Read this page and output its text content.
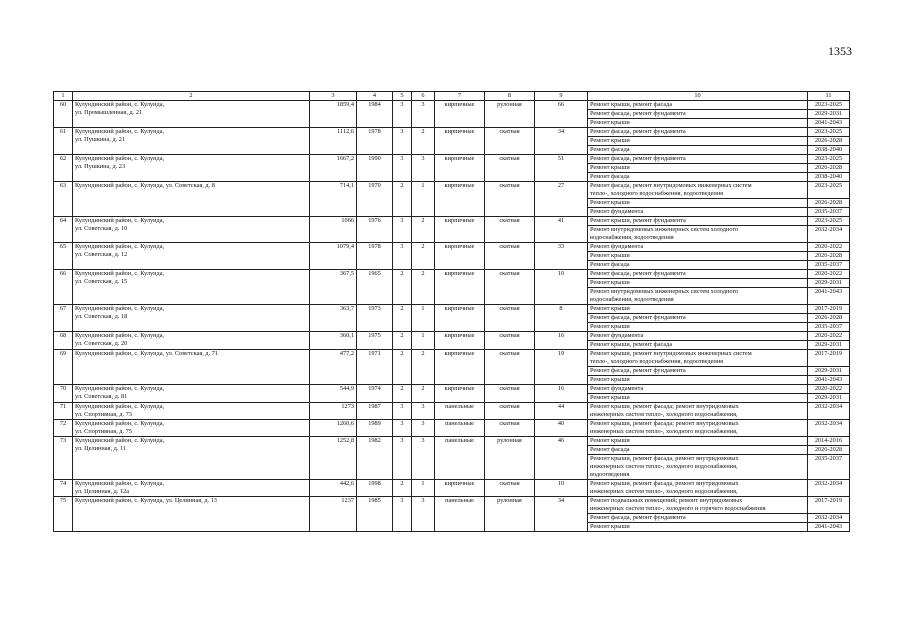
1353
1	2	3	4	5	6	7	8	9	10	11
60	Кулундинский район, с. Кулунда,
ул. Промышленная, д. 21	1859,4	1984	3	3	кирпичные	рулонная	66	Ремонт крыши, ремонт фасада	2023-2025
									Ремонт фасада, ремонт фундамента	2029-2031
									Ремонт крыши	2041-2043
61	Кулундинский район, с. Кулунда,
ул. Пушкина, д. 21	1112,6	1978	3	2	кирпичные	скатная	34	Ремонт фасада, ремонт фундамента	2023-2025
									Ремонт крыши	2026-2028
									Ремонт фасада	2038-2040
62	Кулундинский район, с. Кулунда,
ул. Пушкина, д. 23	1667,2	1990	3	3	кирпичные	скатная	51	Ремонт фасада, ремонт фундамента	2023-2025
									Ремонт крыши	2026-2028
									Ремонт фасада	2038-2040
63	Кулундинский район, с. Кулунда, ул. Советская, д. 8	714,1	1970	2	1	кирпичные	скатная	27	Ремонт фасада, ремонт внутридомовых инженерных систем
тепло-, холодного водоснабжения, водоотведения	2023-2025
									Ремонт крыши	2026-2028
									Ремонт фундамента	2035-2037
64	Кулундинский район, с. Кулунда,
ул. Советская, д. 10	1066	1976	3	2	кирпичные	скатная	41	Ремонт крыши, ремонт фундамента	2023-2025
									Ремонт внутридомовых инженерных систем холодного
водоснабжения, водоотведения	2032-2034
65	Кулундинский район, с. Кулунда,
ул. Советская, д. 12	1079,4	1978	3	2	кирпичные	скатная	33	Ремонт фундамента	2020-2022
									Ремонт крыши	2026-2028
									Ремонт фасада	2035-2037
66	Кулундинский район, с. Кулунда,
ул. Советская, д. 15	367,5	1965	2	2	кирпичные	скатная	10	Ремонт фасада, ремонт фундамента	2020-2022
									Ремонт крыши	2029-2031
									Ремонт внутридомовых инженерных систем холодного
водоснабжения, водоотведения	2041-2043
67	Кулундинский район, с. Кулунда,
ул. Советская, д. 18	363,7	1973	2	1	кирпичные	скатная	8	Ремонт крыши	2017-2019
									Ремонт фасада, ремонт фундамента	2026-2028
									Ремонт крыши	2035-2037
68	Кулундинский район, с. Кулунда,
ул. Советская, д. 20	360,1	1975	2	1	кирпичные	скатная	16	Ремонт фундамента	2020-2022
									Ремонт крыши, ремонт фасада	2029-2031
69	Кулундинский район, с. Кулунда, ул. Советская, д. 71	477,2	1971	2	2	кирпичные	скатная	19	Ремонт крыши, ремонт внутридомовых инженерных систем
тепло-, холодного водоснабжения, водоотведения	2017-2019
									Ремонт фасада, ремонт фундамента	2029-2031
									Ремонт крыши	2041-2043
70	Кулундинский район, с. Кулунда,
ул. Советская, д. 81	544,9	1974	2	2	кирпичные	скатная	16	Ремонт фундамента	2020-2022
									Ремонт крыши	2029-2031
71	Кулундинский район, с. Кулунда,
ул. Спортивная, д. 73	1273	1987	3	3	панельные	скатная	44	Ремонт крыши, ремонт фасада; ремонт внутридомовых
инженерных систем тепло-, холодного водоснабжения,	2032-2034
72	Кулундинский район, с. Кулунда,
ул. Спортивная, д. 75	1260,6	1989	3	3	панельные	скатная	40	Ремонт крыши, ремонт фасада; ремонт внутридомовых
инженерных систем тепло-, холодного водоснабжения,	2032-2034
73	Кулундинский район, с. Кулунда,
ул. Целинная, д. 11	1252,8	1982	3	3	панельные	рулонная	46	Ремонт крыши	2014-2016
									Ремонт фасада	2026-2028
									Ремонт крыши, ремонт фасада, ремонт внутридомовых
инженерных систем тепло-, холодного водоснабжения,
водоотведения	2035-2037
74	Кулундинский район, с. Кулунда,
ул. Целинная, д. 12а	442,6	1998	2	1	кирпичные	скатная	10	Ремонт крыши, ремонт фасада, ремонт внутридомовых
инженерных систем тепло-, холодного водоснабжения,	2032-2034
75	Кулундинский район, с. Кулунда, ул. Целинная, д. 13	1237	1985	3	3	панельные	рулонная	34	Ремонт подвальных помещений; ремонт внутридомовых
инженерных систем тепло-, холодного и горячего водоснабжения	2017-2019
									Ремонт фасада, ремонт фундамента	2032-2034
									Ремонт крыши	2041-2043
